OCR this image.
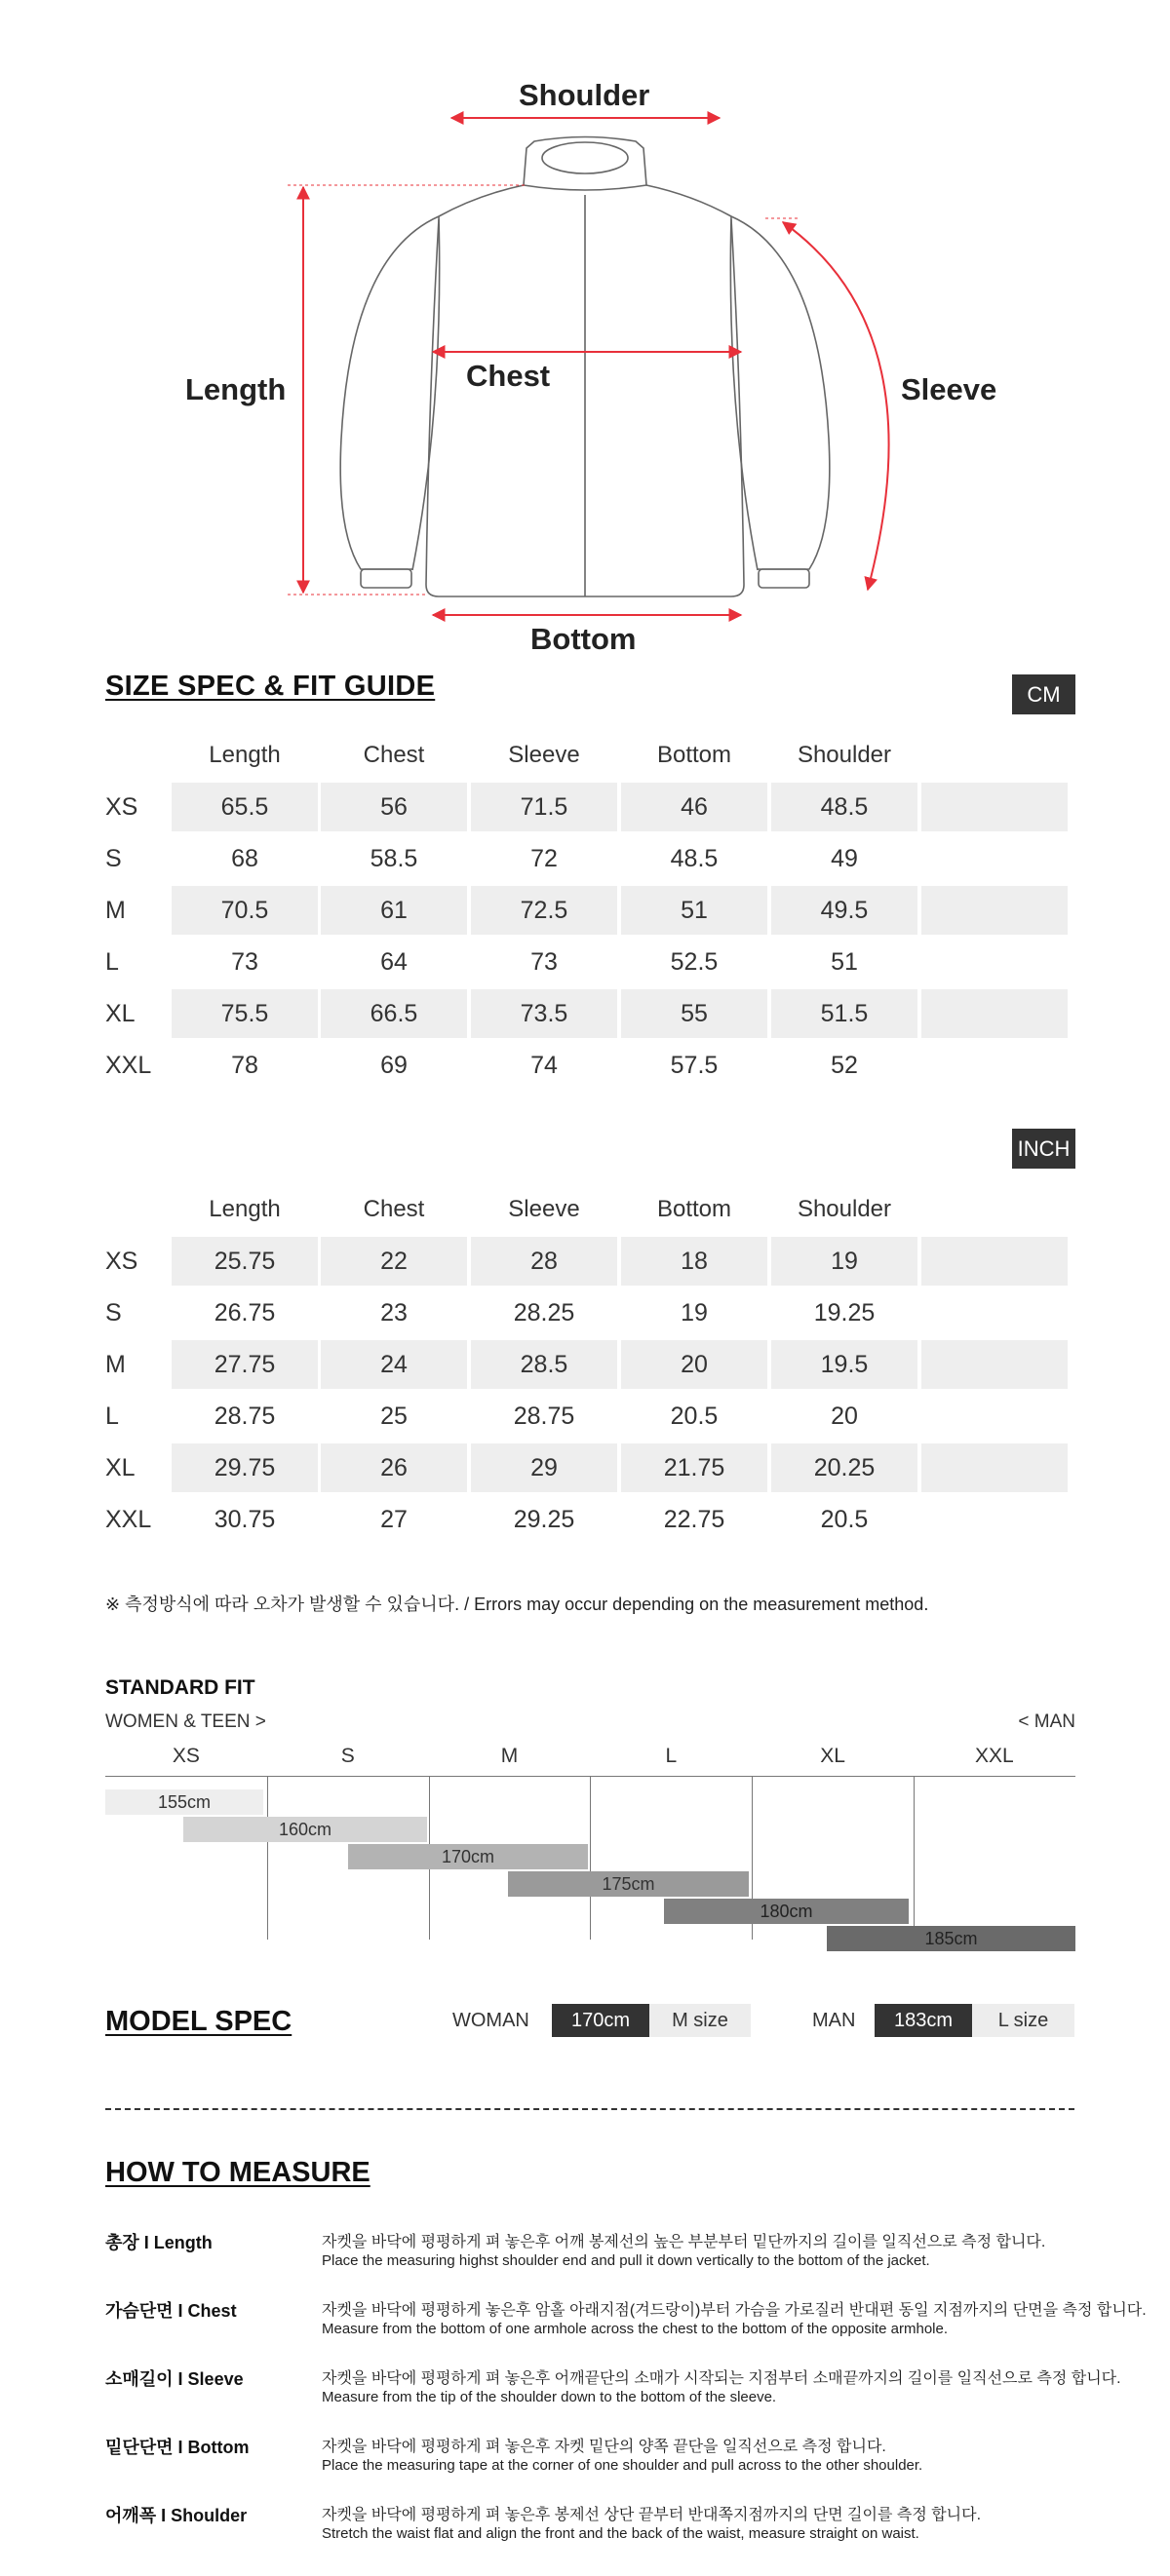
Shoulder
Length	Chest	Sleeve
Bottom
SIZE SPEC & FIT GUIDE	CM
Length	Chest	Sleeve	Bottom	Shoulder
XS	65.5	56	71.5	46	48.5
S	68	58.5	72	48.5	49
M	70.5	61	72.5	51	49.5
L	73	64	73	52.5	51
XL	75.5	66.5	73.5	55	51.5
XXL	78	69	74	57.5	52
INCH
Length	Chest	Sleeve	Bottom	Shoulder
XS	25.75	22	28	18	19
S	26.75	23	28.25	19	19.25
M	27.75	24	28.5	20	19.5
L	28.75	25	28.75	20.5	20
XL	29.75	26	29	21.75	20.25
XXL	30.75	27	29.25	22.75	20.5
※ 측정방식에 따라 오차가 발생할 수 있습니다. / Errors may occur depending on the measurement method.
STANDARD FIT
WOMEN & TEEN >	< MAN
XS	S	M	L	XL	XXL
155cm
160cm
170cm
175cm
180cm
185cm
MODEL SPEC	WOMAN	170cm	M size	MAN	183cm	L size
HOW TO MEASURE
총장 I Length	자켓을 바닥에 평평하게 펴 놓은후 어깨 봉제선의 높은 부분부터 밑단까지의 길이를 일직선으로 측정 합니다.
Place the measuring highst shoulder end and pull it down vertically to the bottom of the jacket.
가슴단면 I Chest	자켓을 바닥에 평평하게 놓은후 암홀 아래지점(겨드랑이)부터 가슴을 가로질러 반대편 동일 지점까지의 단면을 측정 합니다.
Measure from the bottom of one armhole across the chest to the bottom of the opposite armhole.
소매길이 I Sleeve	자켓을 바닥에 평평하게 펴 놓은후 어깨끝단의 소매가 시작되는 지점부터 소매끝까지의 길이를 일직선으로 측정 합니다.
Measure from the tip of the shoulder down to the bottom of the sleeve.
밑단단면 I Bottom	자켓을 바닥에 평평하게 펴 놓은후 자켓 밑단의 양쪽 끝단을 일직선으로 측정 합니다.
Place the measuring tape at the corner of one shoulder and pull across to the other shoulder.
어깨폭 I Shoulder	자켓을 바닥에 평평하게 펴 놓은후 봉제선 상단 끝부터 반대쪽지점까지의 단면 길이를 측정 합니다.
Stretch the waist flat and align the front and the back of the waist, measure straight on waist.
